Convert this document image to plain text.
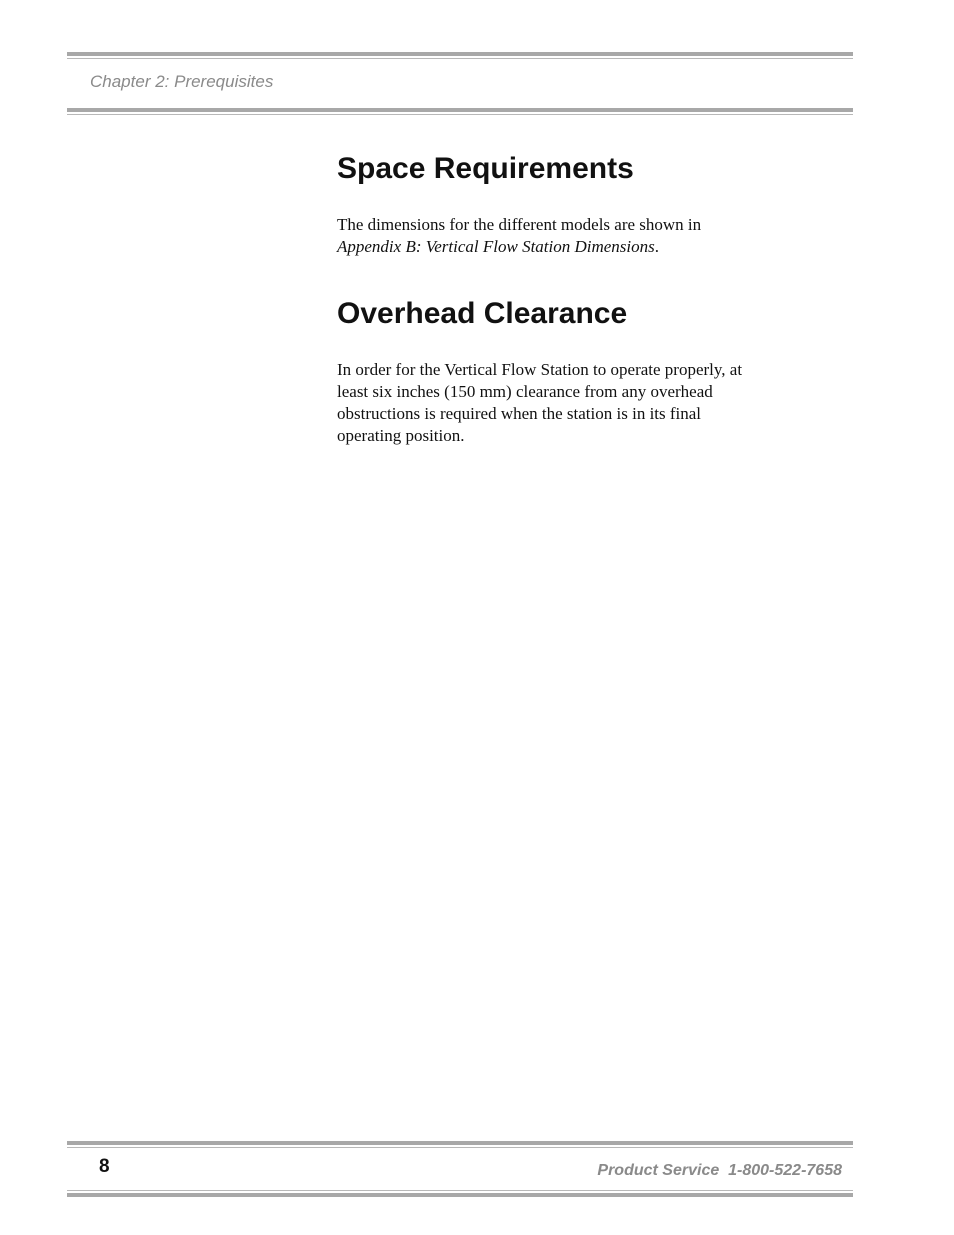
Chapter 2: Prerequisites
Space Requirements

The dimensions for the different models are shown in
Appendix B: Vertical Flow Station Dimensions.

Overhead Clearance

In order for the Vertical Flow Station to operate properly, at least six inches (150 mm) clearance from any overhead obstructions is required when the station is in its final operating position.

8	Product Service  1-800-522-7658
